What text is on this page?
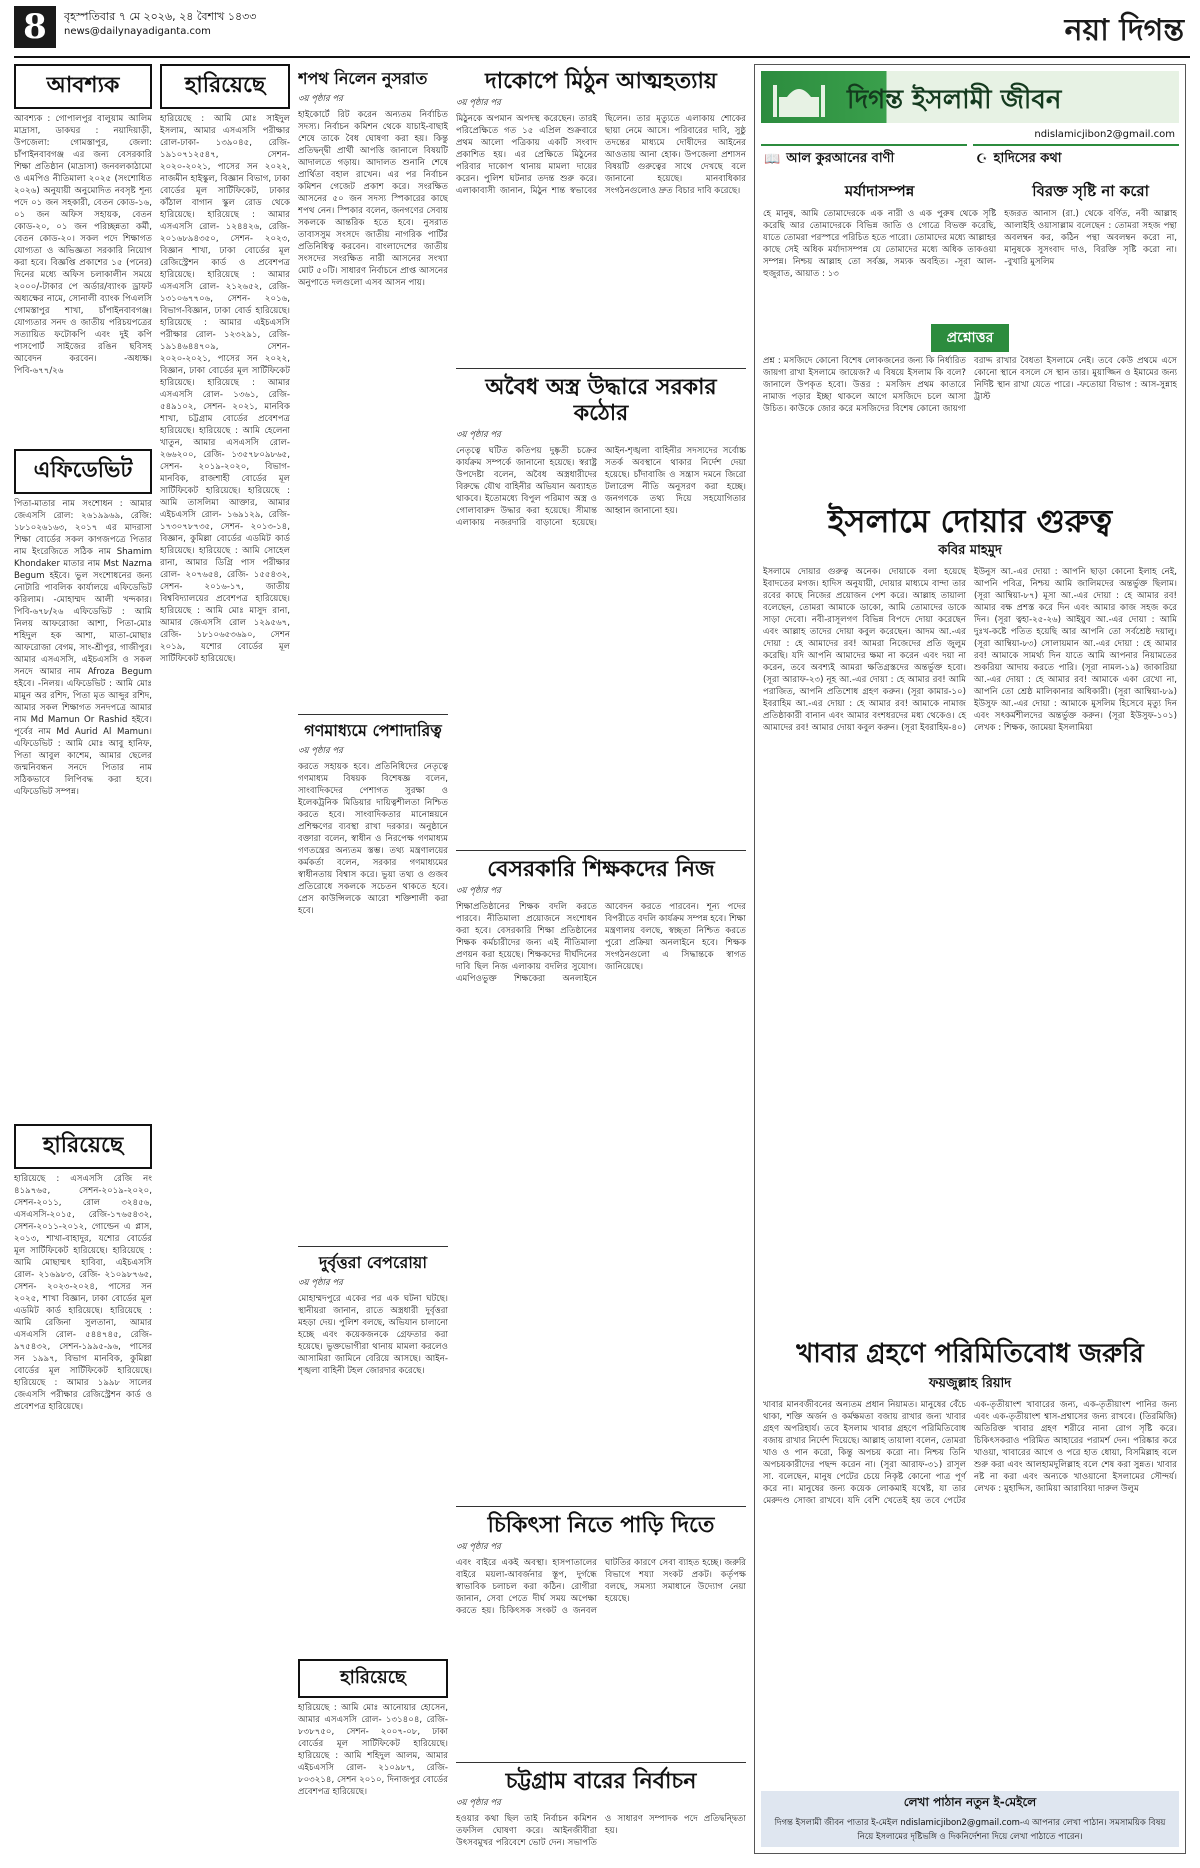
8	বৃহস্পতিবার ৭ মে ২০২৬, ২৪ বৈশাখ ১৪৩৩
news@dailynayadiganta.com	নয়া দিগন্ত
আবশ্যক
আবশ্যক : গোপালপুর বালুয়াম আলিম মাদ্রাসা, ডাকঘর : নয়াদিয়াড়ী, উপজেলা: গোমস্তাপুর, জেলা: চাঁপাইনবাবগঞ্জ এর জন্য বেসরকারি শিক্ষা প্রতিষ্ঠান (মাদ্রাসা) জনবলকাঠামো ও এমপিও নীতিমালা ২০২৫ (সংশোধিত ২০২৬) অনুযায়ী অনুমোদিত নবসৃষ্ট শূন্য পদে ০১ জন সহকারী, বেতন কোড-১৬, ০১ জন অফিস সহায়ক, বেতন কোড-২০, ০১ জন পরিচ্ছন্নতা কর্মী, বেতন কোড-২০। সকল পদে শিক্ষাগত যোগ্যতা ও অভিজ্ঞতা সরকারি নিয়োগ করা হবে। বিজ্ঞপ্তি প্রকাশের ১৫ (পনের) দিনের মধ্যে অফিস চলাকালীন সময়ে ২০০০/-টাকার পে অর্ডার/ব্যাংক ড্রাফট অধ্যক্ষের নামে, সোনালী ব্যাংক পিএলসি গোমস্তাপুর শাখা, চাঁপাইনবাবগঞ্জ। যোগ্যতার সনদ ও জাতীয় পরিচয়পত্রের সত্যায়িত ফটোকপি এবং দুই কপি পাসপোর্ট সাইজের রঙিন ছবিসহ আবেদন করবেন। -অধ্যক্ষ। পিবি-৬৭৭/২৬
এফিডেভিট
পিতা-মাতার নাম সংশোধন : আমার জেএসসি রোল: ২৬১৯৯৬৯, রেজি: ১৮১০২৬১৬৩, ২০১৭ এর মাদরাসা শিক্ষা বোর্ডের সকল কাগজপত্রে পিতার নাম ইংরেজিতে সঠিক নাম Shamim Khondaker মাতার নাম Mst Nazma Begum হইবে। ভুল সংশোধনের জন্য নোটারি পাবলিক কার্যালয়ে এফিডেভিট করিলাম। -মোহাম্মদ আলী খন্দকার। পিবি-৬৭৮/২৬ এফিডেভিট : আমি নিলয় আফরোজা আশা, পিতা-মোঃ শহিদুল হক আশা, মাতা-মোছাঃ আফরোজা বেগম, সাং-শ্রীপুর, গাজীপুর। আমার এসএসসি, এইচএসসি ও সকল সনদে আমার নাম Afroza Begum হইবে। -নিলয়। এফিডেভিট : আমি মোঃ মামুন অর রশিদ, পিতা মৃত আব্দুর রশিদ, আমার সকল শিক্ষাগত সনদপত্রে আমার নাম Md Mamun Or Rashid হইবে। পূর্বের নাম Md Aurid Al Mamun। এফিডেভিট : আমি মোঃ আবু হানিফ, পিতা আবুল কাশেম, আমার ছেলের জন্মনিবন্ধন সনদে পিতার নাম সঠিকভাবে লিপিবদ্ধ করা হবে। এফিডেভিট সম্পন্ন।
হারিয়েছে
হারিয়েছে : এসএসসি রেজি নং ৪১৯৭৬৫, সেশন-২০১৯-২০২০, সেশন-২০১১, রোল ৩২৪৫৬, এসএসসি-২০১৫, রেজি-১৭৬৫৪৩২, সেশন-২০১১-২০১২, গোল্ডেন এ প্লাস, ২০১৩, শাখা-বাহাদুর, যশোর বোর্ডের মূল সার্টিফিকেট হারিয়েছে। হারিয়েছে : আমি মোছাম্মৎ হাবিবা, এইচএসসি রোল- ২১৬৯৮৩, রেজি- ২১০৯৮৭৬৫, সেশন- ২০২৩-২০২৪, পাসের সন ২০২৫, শাখা বিজ্ঞান, ঢাকা বোর্ডের মূল এডমিট কার্ড হারিয়েছে। হারিয়েছে : আমি রেজিনা সুলতানা, আমার এসএসসি রোল- ৫৪৪৭৪৫, রেজি- ৯৭৫৪৩২, সেশন-১৯৯৫-৯৬, পাসের সন ১৯৯৭, বিভাগ মানবিক, কুমিল্লা বোর্ডের মূল সার্টিফিকেট হারিয়েছে। হারিয়েছে : আমার ১৯৯৮ সালের জেএসসি পরীক্ষার রেজিস্ট্রেশন কার্ড ও প্রবেশপত্র হারিয়েছে।
হারিয়েছে
হারিয়েছে : আমি মোঃ সাইদুল ইসলাম, আমার এসএসসি পরীক্ষার রোল-ঢাকা- ১৩৯০৪৫, রেজি- ১৯১০৭১২৫৪৭, সেশন- ২০২০-২০২১, পাসের সন ২০২২, নাজমীন হাইস্কুল, বিজ্ঞান বিভাগ, ঢাকা বোর্ডের মূল সার্টিফিকেট, ঢাকার কাঁঠাল বাগান স্কুল রোড থেকে হারিয়েছে। হারিয়েছে : আমার এসএসসি রোল- ১২৪৪২৬, রেজি- ২০১৬৮৯৪৩৫০, সেশন- ২০২৩, বিজ্ঞান শাখা, ঢাকা বোর্ডের মূল রেজিস্ট্রেশন কার্ড ও প্রবেশপত্র হারিয়েছে। হারিয়েছে : আমার এসএসসি রোল- ২১২৬৫২, রেজি- ১৩১০৬৭৭০৬, সেশন- ২০১৬, বিভাগ-বিজ্ঞান, ঢাকা বোর্ড হারিয়েছে। হারিয়েছে : আমার এইচএসসি পরীক্ষার রোল- ১২৩২৯১, রেজি- ১৯১৪৬৪৪৭০৯, সেশন- ২০২০-২০২১, পাসের সন ২০২২, বিজ্ঞান, ঢাকা বোর্ডের মূল সার্টিফিকেট হারিয়েছে। হারিয়েছে : আমার এসএসসি রোল- ১৩৬১, রেজি- ৫৪৯১০২, সেশন- ২০২১, মানবিক শাখা, চট্টগ্রাম বোর্ডের প্রবেশপত্র হারিয়েছে। হারিয়েছে : আমি হেলেনা খাতুন, আমার এসএসসি রোল- ২৬৬২০০, রেজি- ১৩৫৭৮০৯৮৬৫, সেশন- ২০১৯-২০২০, বিভাগ- মানবিক, রাজশাহী বোর্ডের মূল সার্টিফিকেট হারিয়েছে। হারিয়েছে : আমি তাসলিমা আক্তার, আমার এইচএসসি রোল- ১৬৯১২৯, রেজি- ১৭৩০৭৮৭৩৫, সেশন- ২০১৩-১৪, বিজ্ঞান, কুমিল্লা বোর্ডের এডমিট কার্ড হারিয়েছে। হারিয়েছে : আমি সোহেল রানা, আমার ডিগ্রি পাস পরীক্ষার রোল- ২০৭৬৫৪, রেজি- ১৫৫৪৩২, সেশন- ২০১৬-১৭, জাতীয় বিশ্ববিদ্যালয়ের প্রবেশপত্র হারিয়েছে। হারিয়েছে : আমি মোঃ মাসুদ রানা, আমার জেএসসি রোল ১২৯৫৬৭, রেজি- ১৮১০৬৫৩৬৯০, সেশন ২০১৯, যশোর বোর্ডের মূল সার্টিফিকেট হারিয়েছে।
শপথ নিলেন নুসরাত
৩য় পৃষ্ঠার পর
হাইকোর্টে রিট করেন অন্যতম নির্বাচিত সদস্য। নির্বাচন কমিশন থেকে যাচাই-বাছাই শেষে তাকে বৈধ ঘোষণা করা হয়। কিন্তু প্রতিদ্বন্দ্বী প্রার্থী আপত্তি জানালে বিষয়টি আদালতে গড়ায়। আদালত শুনানি শেষে প্রার্থিতা বহাল রাখেন। এর পর নির্বাচন কমিশন গেজেট প্রকাশ করে। সংরক্ষিত আসনের ৫০ জন সদস্য স্পিকারের কাছে শপথ নেন। স্পিকার বলেন, জনগণের সেবায় সকলকে আন্তরিক হতে হবে। নুসরাত তাবাসসুম সংসদে জাতীয় নাগরিক পার্টির প্রতিনিধিত্ব করবেন। বাংলাদেশের জাতীয় সংসদের সংরক্ষিত নারী আসনের সংখ্যা মোট ৫০টি। সাধারণ নির্বাচনে প্রাপ্ত আসনের অনুপাতে দলগুলো এসব আসন পায়।
গণমাধ্যমে পেশাদারিত্ব
৩য় পৃষ্ঠার পর
করতে সহায়ক হবে। প্রতিনিধিদের নেতৃত্বে গণমাধ্যম বিষয়ক বিশেষজ্ঞ বলেন, সাংবাদিকদের পেশাগত সুরক্ষা ও ইলেকট্রনিক মিডিয়ার দায়িত্বশীলতা নিশ্চিত করতে হবে। সাংবাদিকতার মানোন্নয়নে প্রশিক্ষণের ব্যবস্থা রাখা দরকার। অনুষ্ঠানে বক্তারা বলেন, স্বাধীন ও নিরপেক্ষ গণমাধ্যম গণতন্ত্রের অন্যতম স্তম্ভ। তথ্য মন্ত্রণালয়ের কর্মকর্তা বলেন, সরকার গণমাধ্যমের স্বাধীনতায় বিশ্বাস করে। ভুয়া তথ্য ও গুজব প্রতিরোধে সকলকে সচেতন থাকতে হবে। প্রেস কাউন্সিলকে আরো শক্তিশালী করা হবে।
দুর্বৃত্তরা বেপরোয়া
৩য় পৃষ্ঠার পর
মোহাম্মদপুরে একের পর এক ঘটনা ঘটছে। স্থানীয়রা জানান, রাতে অস্ত্রধারী দুর্বৃত্তরা মহড়া দেয়। পুলিশ বলছে, অভিযান চালানো হচ্ছে এবং কয়েকজনকে গ্রেফতার করা হয়েছে। ভুক্তভোগীরা থানায় মামলা করলেও আসামিরা জামিনে বেরিয়ে আসছে। আইন-শৃঙ্খলা বাহিনী টহল জোরদার করেছে।
হারিয়েছে
হারিয়েছে : আমি মোঃ আনোয়ার হোসেন, আমার এসএসসি রোল- ১৩১৪০৪, রেজি- ৮৩৮৭৫০, সেশন- ২০০৭-০৮, ঢাকা বোর্ডের মূল সার্টিফিকেট হারিয়েছে। হারিয়েছে : আমি শহিদুল আলম, আমার এইচএসসি রোল- ২১০৯৮৭, রেজি- ৮০৩২১৪, সেশন ২০১০, দিনাজপুর বোর্ডের প্রবেশপত্র হারিয়েছে।
দাকোপে মিঠুন আত্মহত্যায়
৩য় পৃষ্ঠার পর
মিঠুনকে অপমান অপদস্থ করেছেন। তারই পরিপ্রেক্ষিতে গত ১৫ এপ্রিল শুক্রবারে প্রথম আলো পত্রিকায় একটি সংবাদ প্রকাশিত হয়। এর প্রেক্ষিতে মিঠুনের পরিবার দাকোপ থানায় মামলা দায়ের করেন। পুলিশ ঘটনার তদন্ত শুরু করে। এলাকাবাসী জানান, মিঠুন শান্ত স্বভাবের ছিলেন। তার মৃত্যুতে এলাকায় শোকের ছায়া নেমে আসে। পরিবারের দাবি, সুষ্ঠু তদন্তের মাধ্যমে দোষীদের আইনের আওতায় আনা হোক। উপজেলা প্রশাসন বিষয়টি গুরুত্বের সাথে দেখছে বলে জানানো হয়েছে। মানবাধিকার সংগঠনগুলোও দ্রুত বিচার দাবি করেছে।
অবৈধ অস্ত্র উদ্ধারে সরকার কঠোর
৩য় পৃষ্ঠার পর
নেতৃত্বে ঘটিত কতিপয় দুষ্কৃতী চক্রের কার্যক্রম সম্পর্কে জানানো হয়েছে। স্বরাষ্ট্র উপদেষ্টা বলেন, অবৈধ অস্ত্রধারীদের বিরুদ্ধে যৌথ বাহিনীর অভিযান অব্যাহত থাকবে। ইতোমধ্যে বিপুল পরিমাণ অস্ত্র ও গোলাবারুদ উদ্ধার করা হয়েছে। সীমান্ত এলাকায় নজরদারি বাড়ানো হয়েছে। আইন-শৃঙ্খলা বাহিনীর সদস্যদের সর্বোচ্চ সতর্ক অবস্থানে থাকার নির্দেশ দেয়া হয়েছে। চাঁদাবাজি ও সন্ত্রাস দমনে জিরো টলারেন্স নীতি অনুসরণ করা হচ্ছে। জনগণকে তথ্য দিয়ে সহযোগিতার আহ্বান জানানো হয়।
বেসরকারি শিক্ষকদের নিজ
৩য় পৃষ্ঠার পর
শিক্ষাপ্রতিষ্ঠানের শিক্ষক বদলি করতে পারবে। নীতিমালা প্রয়োজনে সংশোধন করা হবে। বেসরকারি শিক্ষা প্রতিষ্ঠানের শিক্ষক কর্মচারীদের জন্য এই নীতিমালা প্রণয়ন করা হয়েছে। শিক্ষকদের দীর্ঘদিনের দাবি ছিল নিজ এলাকায় বদলির সুযোগ। এমপিওভুক্ত শিক্ষকেরা অনলাইনে আবেদন করতে পারবেন। শূন্য পদের বিপরীতে বদলি কার্যক্রম সম্পন্ন হবে। শিক্ষা মন্ত্রণালয় বলছে, স্বচ্ছতা নিশ্চিত করতে পুরো প্রক্রিয়া অনলাইনে হবে। শিক্ষক সংগঠনগুলো এ সিদ্ধান্তকে স্বাগত জানিয়েছে।
চিকিৎসা নিতে পাড়ি দিতে
৩য় পৃষ্ঠার পর
এবং বাইরে একই অবস্থা। হাসপাতালের বাইরে ময়লা-আবর্জনার স্তূপ, দুর্গন্ধে স্বাভাবিক চলাচল করা কঠিন। রোগীরা জানান, সেবা পেতে দীর্ঘ সময় অপেক্ষা করতে হয়। চিকিৎসক সংকট ও জনবল ঘাটতির কারণে সেবা ব্যাহত হচ্ছে। জরুরি বিভাগে শয্যা সংকট প্রকট। কর্তৃপক্ষ বলছে, সমস্যা সমাধানে উদ্যোগ নেয়া হয়েছে।
চট্টগ্রাম বারের নির্বাচন
৩য় পৃষ্ঠার পর
হওয়ার কথা ছিল তাই নির্বাচন কমিশন তফসিল ঘোষণা করে। আইনজীবীরা উৎসবমুখর পরিবেশে ভোট দেন। সভাপতি ও সাধারণ সম্পাদক পদে প্রতিদ্বন্দ্বিতা হয়।
দিগন্ত ইসলামী জীবন
ndislamicjibon2@gmail.com
📖 আল কুরআনের বাণী	☪ হাদিসের কথা
মর্যাদাসম্পন্ন
হে মানুষ, আমি তোমাদেরকে এক নারী ও এক পুরুষ থেকে সৃষ্টি করেছি আর তোমাদেরকে বিভিন্ন জাতি ও গোত্রে বিভক্ত করেছি, যাতে তোমরা পরস্পরে পরিচিত হতে পারো। তোমাদের মধ্যে আল্লাহর কাছে সেই অধিক মর্যাদাসম্পন্ন যে তোমাদের মধ্যে অধিক তাকওয়া সম্পন্ন। নিশ্চয় আল্লাহ তো সর্বজ্ঞ, সম্যক অবহিত। -সূরা আল-হুজুরাত, আয়াত : ১৩
বিরক্ত সৃষ্টি না করো
হজরত আনাস (রা.) থেকে বর্ণিত, নবী আল্লাহ আলাইহি ওয়াসাল্লাম বলেছেন : তোমরা সহজ পন্থা অবলম্বন কর, কঠিন পন্থা অবলম্বন করো না, মানুষকে সুসংবাদ দাও, বিরক্তি সৃষ্টি করো না। -বুখারি মুসলিম
প্রশ্নোত্তর
প্রশ্ন : মসজিদে কোনো বিশেষ লোকজনের জন্য কি নির্ধারিত জায়গা রাখা ইসলামে জায়েজ? এ বিষয়ে ইসলাম কি বলে? জানালে উপকৃত হবো। উত্তর : মসজিদ প্রথম কাতারে নামাজ পড়ার ইচ্ছা থাকলে আগে মসজিদে চলে আসা উচিত। কাউকে জোর করে মসজিদের বিশেষ কোনো জায়গা বরাদ্দ রাখার বৈধতা ইসলামে নেই। তবে কেউ প্রথমে এসে কোনো স্থানে বসলে সে স্থান তার। মুয়াজ্জিন ও ইমামের জন্য নির্দিষ্ট স্থান রাখা যেতে পারে। -ফতোয়া বিভাগ : আস-সুন্নাহ ট্রাস্ট
ইসলামে দোয়ার গুরুত্ব
কবির মাহমুদ
ইসলামে দোয়ার গুরুত্ব অনেক। দোয়াকে বলা হয়েছে ইবাদতের মগজ। হাদিস অনুযায়ী, দোয়ার মাধ্যমে বান্দা তার রবের কাছে নিজের প্রয়োজন পেশ করে। আল্লাহ তায়ালা বলেছেন, তোমরা আমাকে ডাকো, আমি তোমাদের ডাকে সাড়া দেবো। নবী-রাসূলগণ বিভিন্ন বিপদে দোয়া করেছেন এবং আল্লাহ তাদের দোয়া কবুল করেছেন। আদম আ.-এর দোয়া : হে আমাদের রব! আমরা নিজেদের প্রতি জুলুম করেছি। যদি আপনি আমাদের ক্ষমা না করেন এবং দয়া না করেন, তবে অবশ্যই আমরা ক্ষতিগ্রস্তদের অন্তর্ভুক্ত হবো। (সূরা আরাফ-২৩) নূহ আ.-এর দোয়া : হে আমার রব! আমি পরাজিত, আপনি প্রতিশোধ গ্রহণ করুন। (সূরা কামার-১০) ইবরাহিম আ.-এর দোয়া : হে আমার রব! আমাকে নামাজ প্রতিষ্ঠাকারী বানান এবং আমার বংশধরদের মধ্য থেকেও। হে আমাদের রব! আমার দোয়া কবুল করুন। (সূরা ইবরাহিম-৪০) ইউনুস আ.-এর দোয়া : আপনি ছাড়া কোনো ইলাহ নেই, আপনি পবিত্র, নিশ্চয় আমি জালিমদের অন্তর্ভুক্ত ছিলাম। (সূরা আম্বিয়া-৮৭) মূসা আ.-এর দোয়া : হে আমার রব! আমার বক্ষ প্রশস্ত করে দিন এবং আমার কাজ সহজ করে দিন। (সূরা ত্বহা-২৫-২৬) আইয়ুব আ.-এর দোয়া : আমি দুঃখ-কষ্টে পতিত হয়েছি আর আপনি তো সর্বশ্রেষ্ঠ দয়ালু। (সূরা আম্বিয়া-৮৩) সোলায়মান আ.-এর দোয়া : হে আমার রব! আমাকে সামর্থ্য দিন যাতে আমি আপনার নিয়ামতের শুকরিয়া আদায় করতে পারি। (সূরা নামল-১৯) জাকারিয়া আ.-এর দোয়া : হে আমার রব! আমাকে একা রেখো না, আপনি তো শ্রেষ্ঠ মালিকানার অধিকারী। (সূরা আম্বিয়া-৮৯) ইউসুফ আ.-এর দোয়া : আমাকে মুসলিম হিসেবে মৃত্যু দিন এবং সৎকর্মশীলদের অন্তর্ভুক্ত করুন। (সূরা ইউসুফ-১০১) লেখক : শিক্ষক, জামেয়া ইসলামিয়া
খাবার গ্রহণে পরিমিতিবোধ জরুরি
ফয়জুল্লাহ রিয়াদ
খাবার মানবজীবনের অন্যতম প্রধান নিয়ামত। মানুষের বেঁচে থাকা, শক্তি অর্জন ও কর্মক্ষমতা বজায় রাখার জন্য খাবার গ্রহণ অপরিহার্য। তবে ইসলাম খাবার গ্রহণে পরিমিতিবোধ বজায় রাখার নির্দেশ দিয়েছে। আল্লাহ তায়ালা বলেন, তোমরা খাও ও পান করো, কিন্তু অপচয় করো না। নিশ্চয় তিনি অপচয়কারীদের পছন্দ করেন না। (সূরা আরাফ-৩১) রাসূল সা. বলেছেন, মানুষ পেটের চেয়ে নিকৃষ্ট কোনো পাত্র পূর্ণ করে না। মানুষের জন্য কয়েক লোকমাই যথেষ্ট, যা তার মেরুদণ্ড সোজা রাখবে। যদি বেশি খেতেই হয় তবে পেটের এক-তৃতীয়াংশ খাবারের জন্য, এক-তৃতীয়াংশ পানির জন্য এবং এক-তৃতীয়াংশ শ্বাস-প্রশ্বাসের জন্য রাখবে। (তিরমিজি) অতিরিক্ত খাবার গ্রহণ শরীরে নানা রোগ সৃষ্টি করে। চিকিৎসকরাও পরিমিত আহারের পরামর্শ দেন। পরিষ্কার করে খাওয়া, খাবারের আগে ও পরে হাত ধোয়া, বিসমিল্লাহ বলে শুরু করা এবং আলহামদুলিল্লাহ বলে শেষ করা সুন্নত। খাবার নষ্ট না করা এবং অন্যকে খাওয়ানো ইসলামের সৌন্দর্য। লেখক : মুহাদ্দিস, জামিয়া আরাবিয়া দারুল উলুম
লেখা পাঠান নতুন ই-মেইলে
দিগন্ত ইসলামী জীবন পাতার ই-মেইল ndislamicjibon2@gmail.com-এ আপনার লেখা পাঠান। সমসাময়িক বিষয় নিয়ে ইসলামের দৃষ্টিভঙ্গি ও দিকনির্দেশনা দিয়ে লেখা পাঠাতে পারেন।
